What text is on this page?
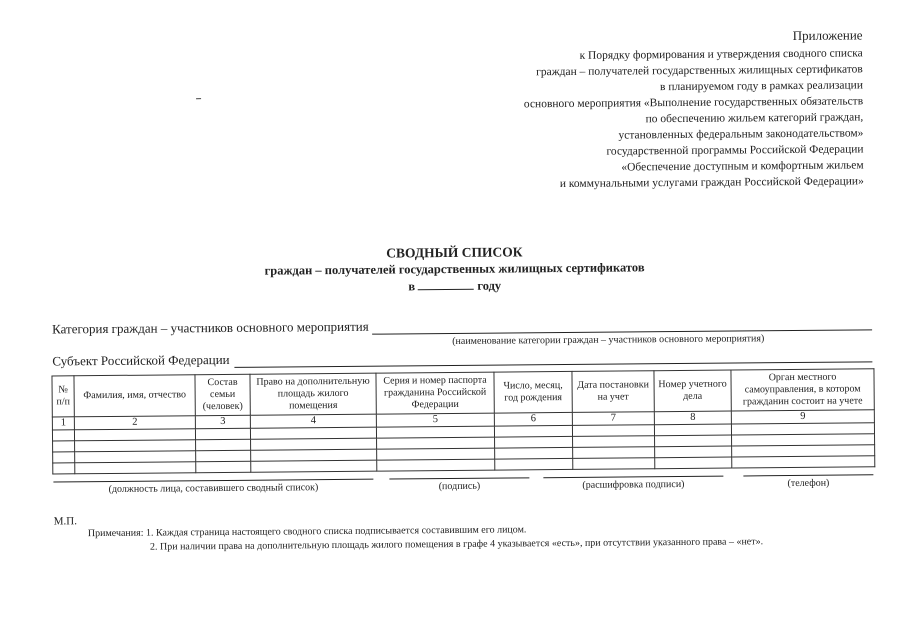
Приложение
к Порядку формирования и утверждения сводного списка
граждан – получателей государственных жилищных сертификатов
в планируемом году в рамках реализации
основного мероприятия «Выполнение государственных обязательств
по обеспечению жильем категорий граждан,
установленных федеральным законодательством»
государственной программы Российской Федерации
«Обеспечение доступным и комфортным жильем
и коммунальными услугами граждан Российской Федерации»
СВОДНЫЙ СПИСОК
граждан – получателей государственных жилищных сертификатов
в	году
Категория граждан – участников основного мероприятия
(наименование категории граждан – участников основного мероприятия)
Субъект Российской Федерации
№ п/п	Фамилия, имя, отчество	Состав семьи (человек)	Право на дополнительную площадь жилого помещения	Серия и номер паспорта гражданина Российской Федерации	Число, месяц, год рождения	Дата постановки на учет	Номер учетного дела	Орган местного самоуправления, в котором гражданин состоит на учете
1	2	3	4	5	6	7	8	9

(должность лица, составившего сводный список)	(подпись)	(расшифровка подписи)	(телефон)
М.П.
Примечания: 1. Каждая страница настоящего сводного списка подписывается составившим его лицом.
2. При наличии права на дополнительную площадь жилого помещения в графе 4 указывается «есть», при отсутствии указанного права – «нет».
